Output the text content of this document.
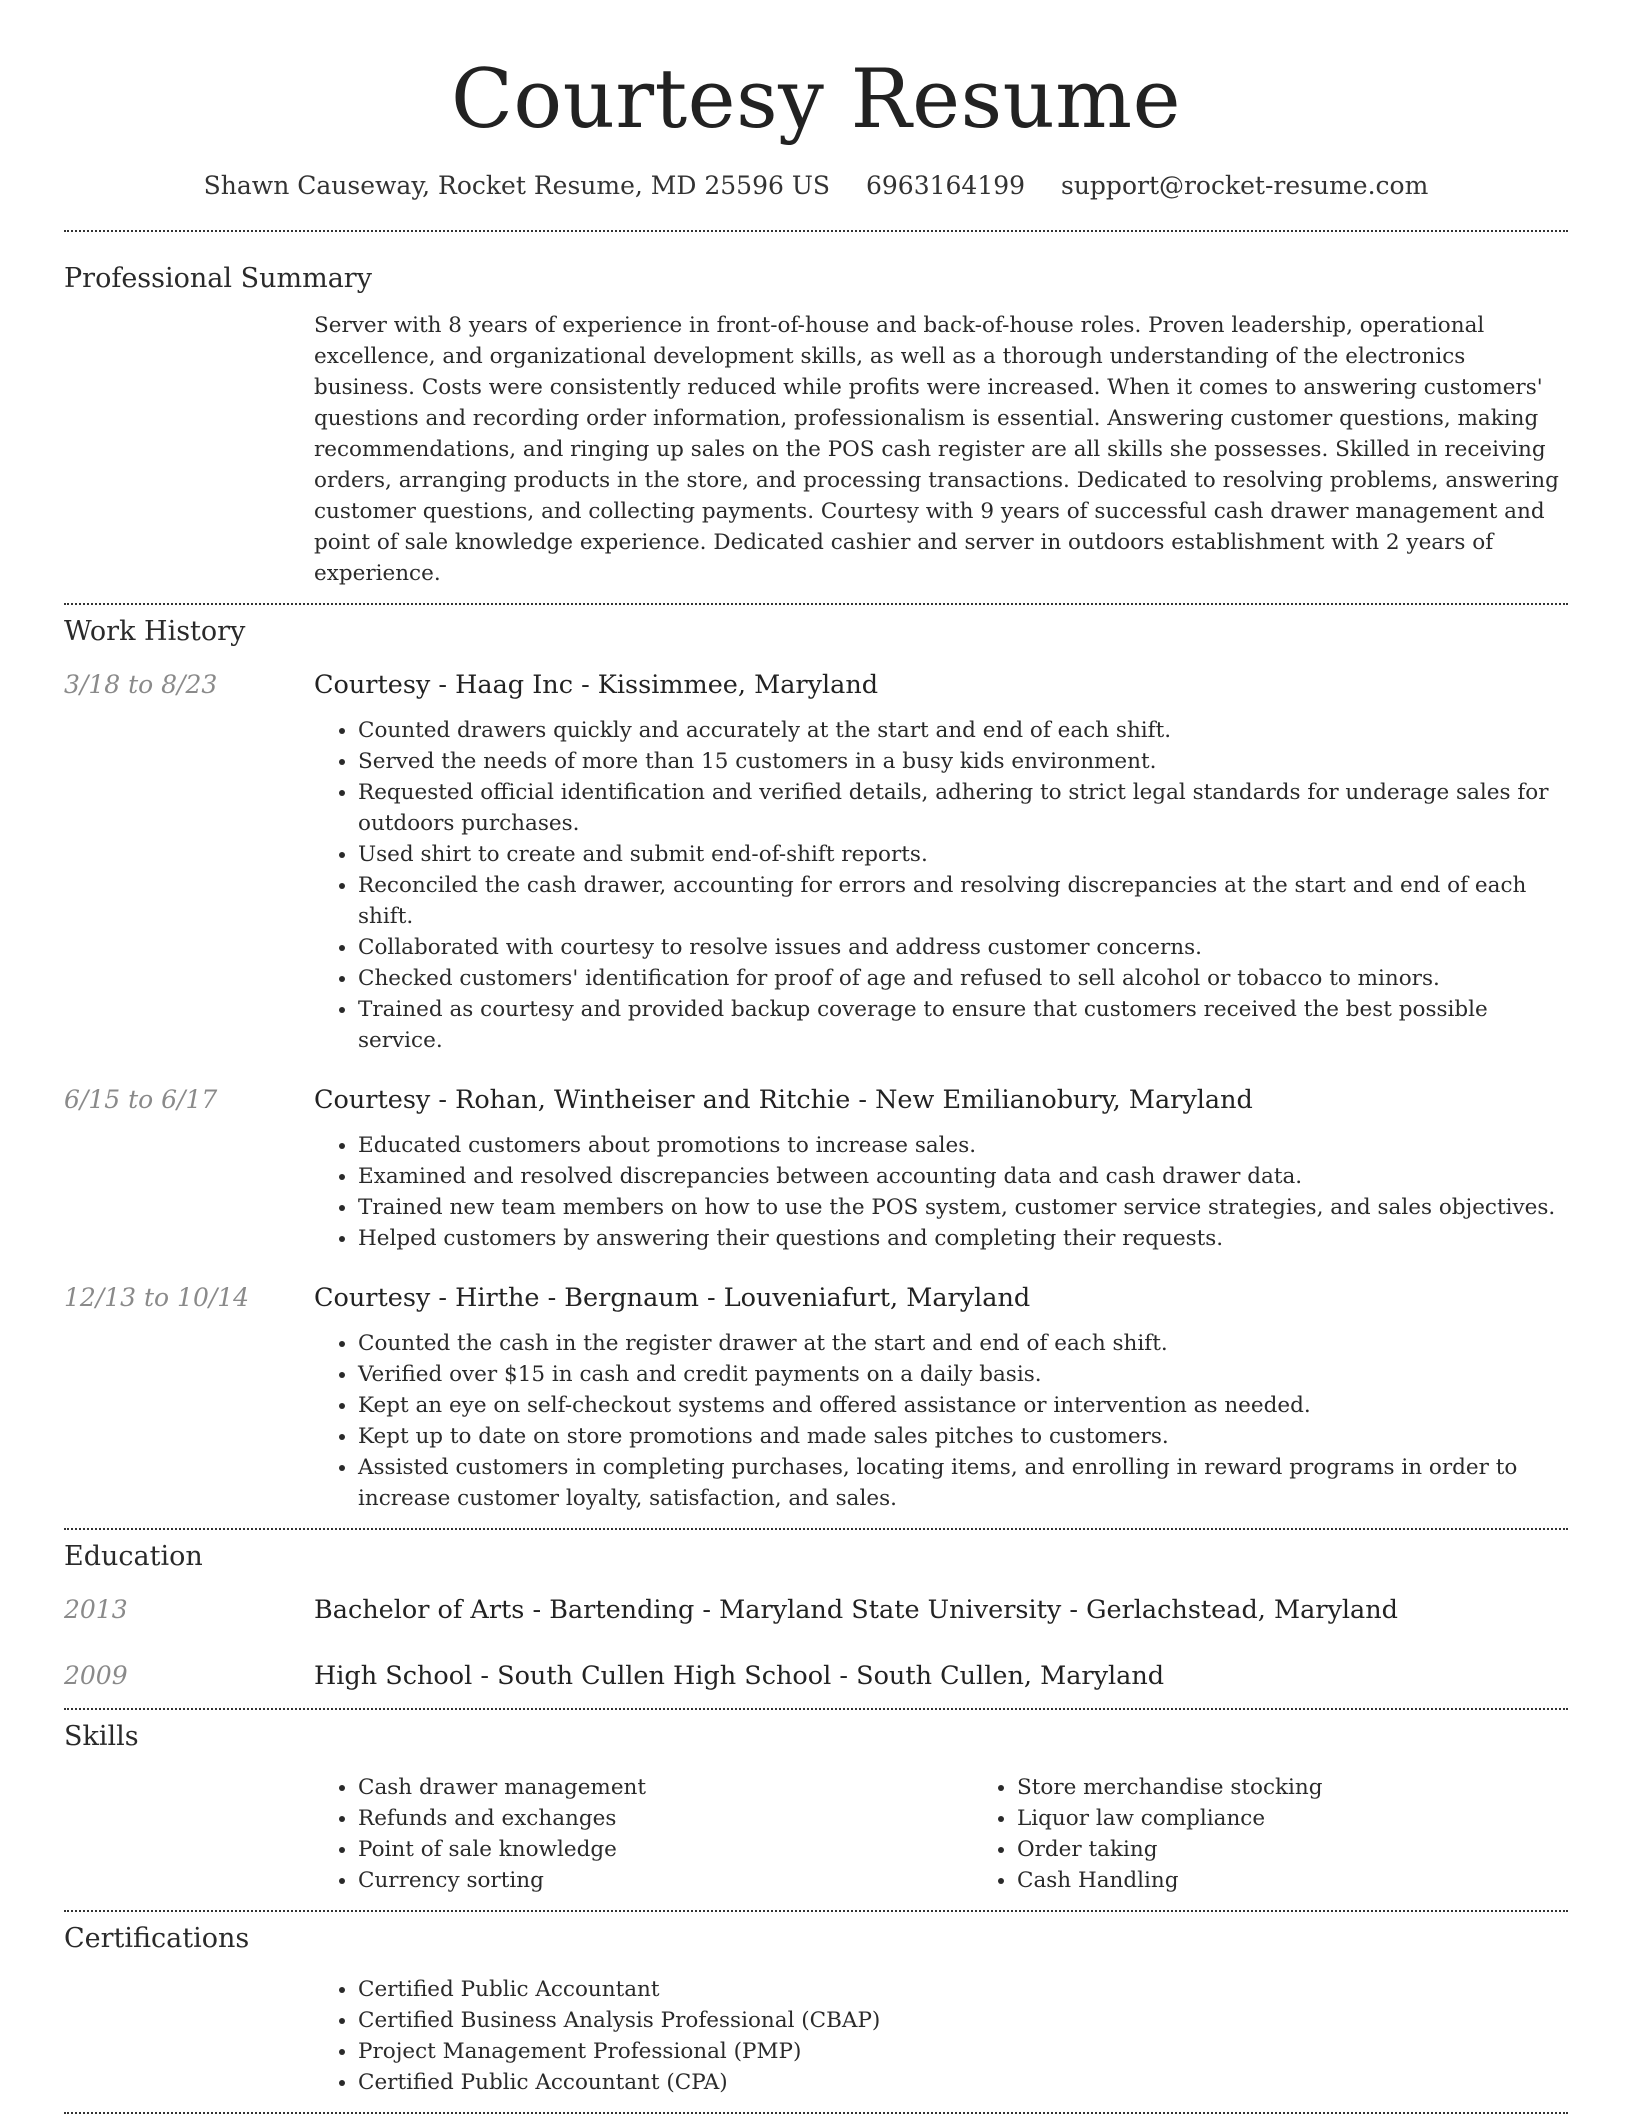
Courtesy Resume
Shawn Causeway, Rocket Resume, MD 25596 US 6963164199 support@rocket-resume.com
Professional Summary

Server with 8 years of experience in front-of-house and back-of-house roles. Proven leadership, operational excellence, and organizational development skills, as well as a thorough understanding of the electronics business. Costs were consistently reduced while profits were increased. When it comes to answering customers' questions and recording order information, professionalism is essential. Answering customer questions, making recommendations, and ringing up sales on the POS cash register are all skills she possesses. Skilled in receiving orders, arranging products in the store, and processing transactions. Dedicated to resolving problems, answering customer questions, and collecting payments. Courtesy with 9 years of successful cash drawer management and point of sale knowledge experience. Dedicated cashier and server in outdoors establishment with 2 years of experience.

Work History
3/18 to 8/23	Courtesy - Haag Inc - Kissimmee, Maryland
• Counted drawers quickly and accurately at the start and end of each shift.
• Served the needs of more than 15 customers in a busy kids environment.
• Requested official identification and verified details, adhering to strict legal standards for underage sales for outdoors purchases.
• Used shirt to create and submit end-of-shift reports.
• Reconciled the cash drawer, accounting for errors and resolving discrepancies at the start and end of each shift.
• Collaborated with courtesy to resolve issues and address customer concerns.
• Checked customers' identification for proof of age and refused to sell alcohol or tobacco to minors.
• Trained as courtesy and provided backup coverage to ensure that customers received the best possible service.
6/15 to 6/17	Courtesy - Rohan, Wintheiser and Ritchie - New Emilianobury, Maryland
• Educated customers about promotions to increase sales.
• Examined and resolved discrepancies between accounting data and cash drawer data.
• Trained new team members on how to use the POS system, customer service strategies, and sales objectives.
• Helped customers by answering their questions and completing their requests.
12/13 to 10/14	Courtesy - Hirthe - Bergnaum - Louveniafurt, Maryland
• Counted the cash in the register drawer at the start and end of each shift.
• Verified over $15 in cash and credit payments on a daily basis.
• Kept an eye on self-checkout systems and offered assistance or intervention as needed.
• Kept up to date on store promotions and made sales pitches to customers.
• Assisted customers in completing purchases, locating items, and enrolling in reward programs in order to increase customer loyalty, satisfaction, and sales.
Education
2013	Bachelor of Arts - Bartending - Maryland State University - Gerlachstead, Maryland
2009	High School - South Cullen High School - South Cullen, Maryland
Skills
• Cash drawer management
• Refunds and exchanges
• Point of sale knowledge
• Currency sorting
• Store merchandise stocking
• Liquor law compliance
• Order taking
• Cash Handling
Certifications
• Certified Public Accountant
• Certified Business Analysis Professional (CBAP)
• Project Management Professional (PMP)
• Certified Public Accountant (CPA)
